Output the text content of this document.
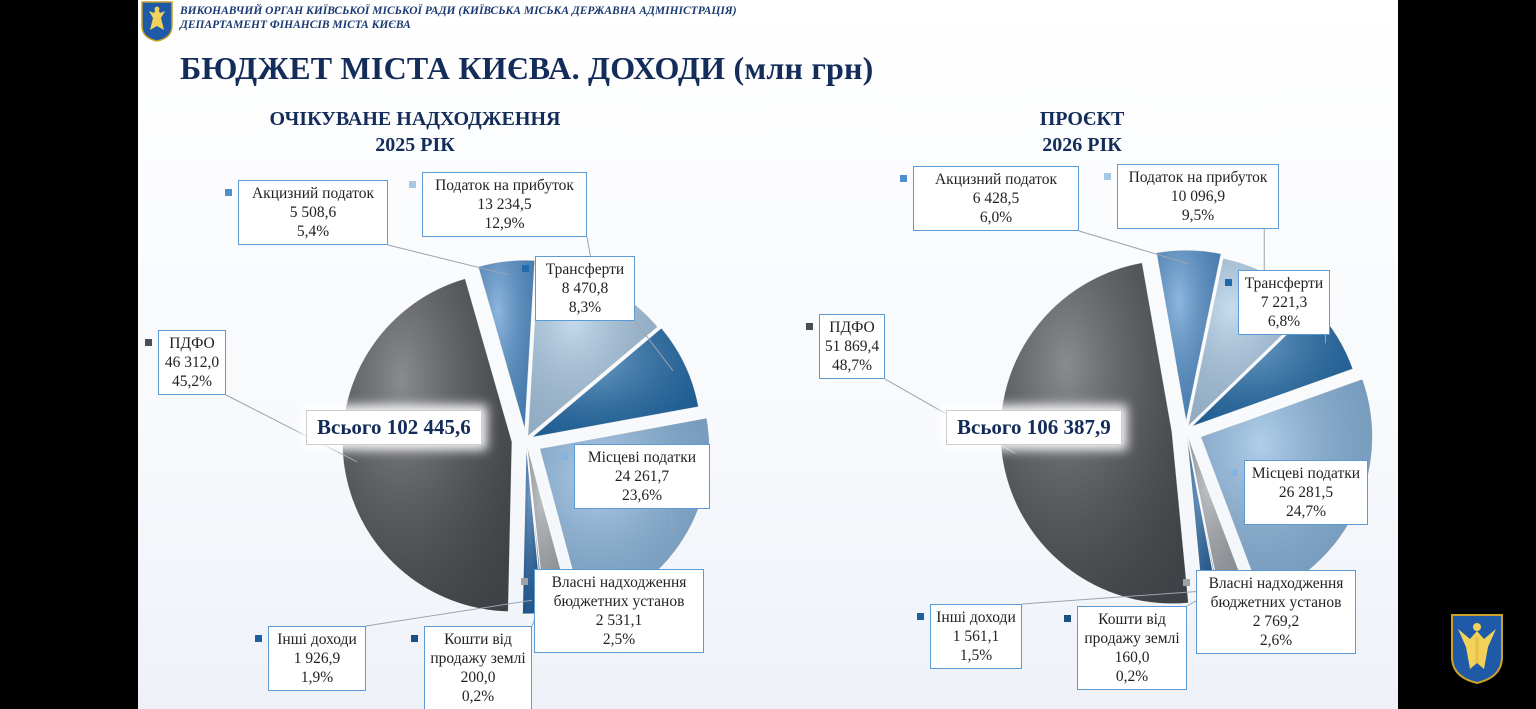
ВИКОНАВЧИЙ ОРГАН КИЇВСЬКОЇ МІСЬКОЇ РАДИ (КИЇВСЬКА МІСЬКА ДЕРЖАВНА АДМІНІСТРАЦІЯ)
ДЕПАРТАМЕНТ ФІНАНСІВ МІСТА КИЄВА
БЮДЖЕТ МІСТА КИЄВА. ДОХОДИ (млн грн)
ОЧІКУВАНЕ НАДХОДЖЕННЯ
2025 РІК
ПРОЄКТ
2026 РІК
Акцизний податок
5 508,6
5,4%
Податок на прибуток
13 234,5
12,9%
Трансферти
8 470,8
8,3%
Місцеві податки
24 261,7
23,6%
Власні надходження бюджетних установ
2 531,1
2,5%
Кошти від продажу землі
200,0
0,2%
Інші доходи
1 926,9
1,9%
ПДФО
46 312,0
45,2%
Всього 102 445,6
Акцизний податок
6 428,5
6,0%
Податок на прибуток
10 096,9
9,5%
Трансферти
7 221,3
6,8%
Місцеві податки
26 281,5
24,7%
Власні надходження бюджетних установ
2 769,2
2,6%
Кошти від продажу землі
160,0
0,2%
Інші доходи
1 561,1
1,5%
ПДФО
51 869,4
48,7%
Всього 106 387,9
